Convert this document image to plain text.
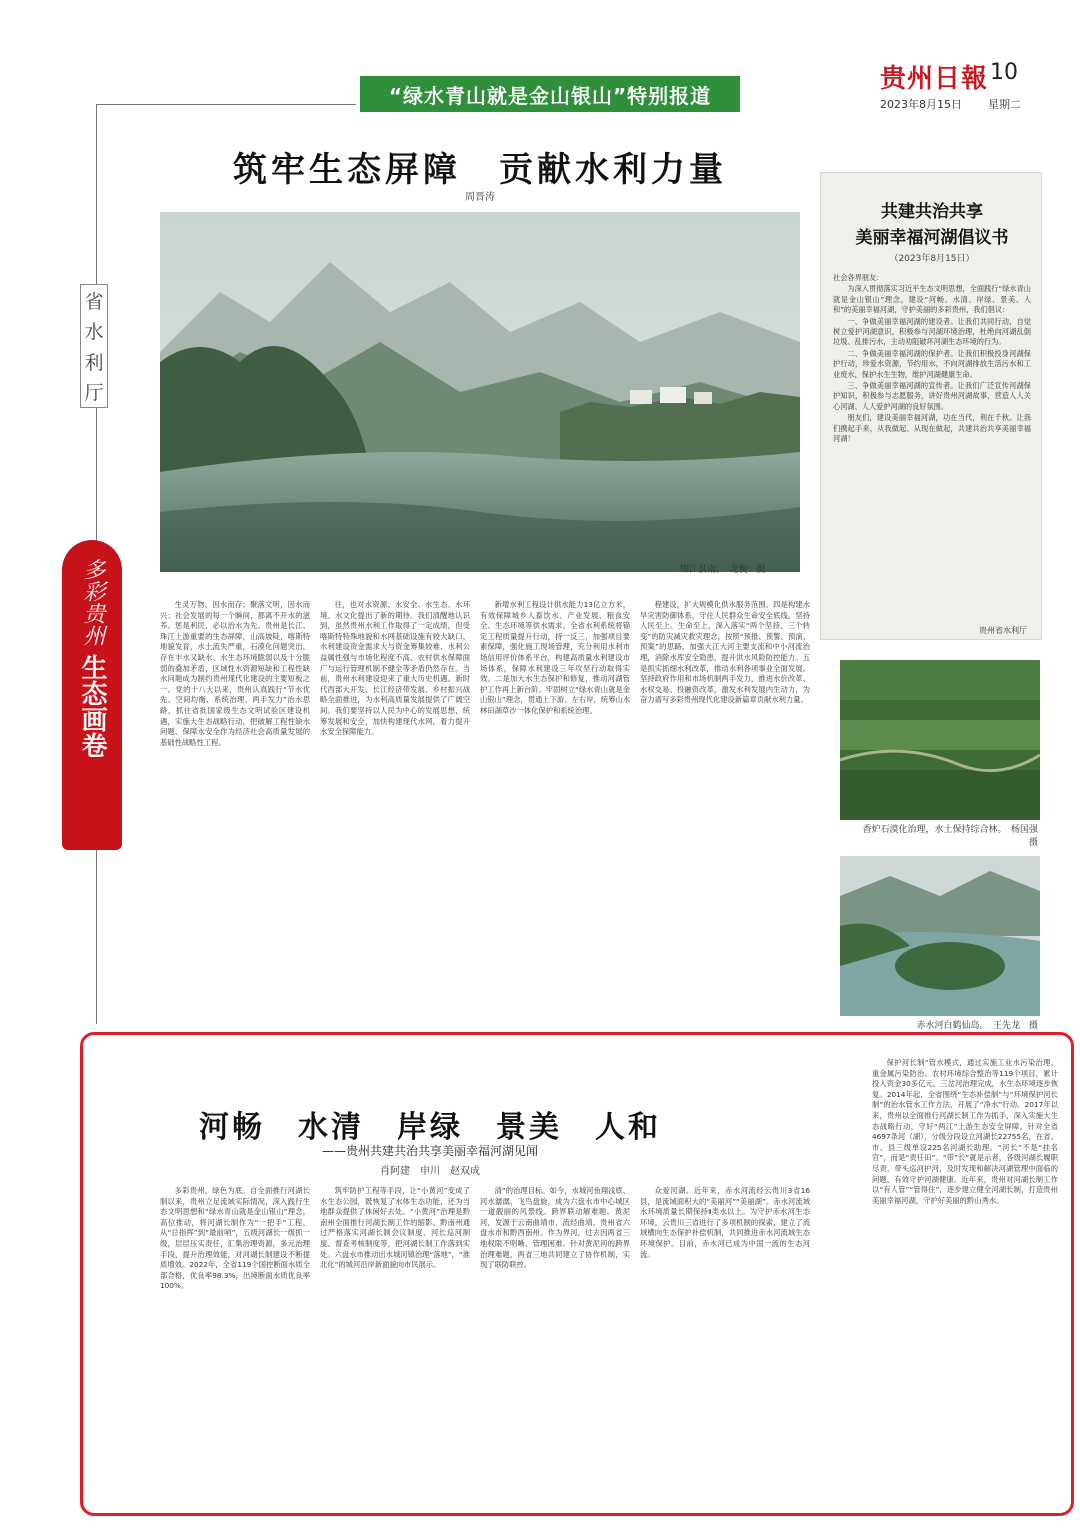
贵州日報 10
2023年8月15日 星期二
“绿水青山就是金山银山”特别报道
省
水
利
厅
多彩贵州
生态画卷
筑牢生态屏障　贡献水利力量
周晋涛
锦江县南。　龙俊　摄
共建共治共享
美丽幸福河湖倡议书
（2023年8月15日）

社会各界朋友：

为深入贯彻落实习近平生态文明思想，全面践行“绿水青山就是金山银山”理念，建设“河畅、水清、岸绿、景美、人和”的美丽幸福河湖，守护美丽的多彩贵州，我们倡议：

一、争做美丽幸福河湖的建设者。让我们共同行动，自觉树立爱护河湖意识，积极参与河湖环境治理，杜绝向河湖乱倒垃圾、乱排污水，主动劝阻破坏河湖生态环境的行为。

二、争做美丽幸福河湖的保护者。让我们积极投身河湖保护行动，珍爱水资源，节约用水，不向河湖排放生活污水和工业废水，保护水生生物，维护河湖健康生命。

三、争做美丽幸福河湖的宣传者。让我们广泛宣传河湖保护知识，积极参与志愿服务，讲好贵州河湖故事，营造人人关心河湖、人人爱护河湖的良好氛围。

朋友们，建设美丽幸福河湖，功在当代，利在千秋。让我们携起手来，从我做起、从现在做起，共建共治共享美丽幸福河湖！

贵州省水利厅
香炉石漠化治理，水土保持综合林。　杨国强　摄
赤水河白鹤仙岛。　王先龙　摄

生灵万物，因水而存；聚落文明，因水而兴；社会发展的每一个瞬间，都离不开水的滋养。惩是利民，必以治水为先。贵州是长江、珠江上游重要的生态屏障，山高坡陡，喀斯特地貌发育，水土流失严重，石漠化问题突出，存在丰水又缺水、水生态环境脆弱以及十分脆弱的叠加矛盾，区域性水资源短缺和工程性缺水问题成为制约贵州现代化建设的主要短板之一。党的十八大以来，贵州认真践行“节水优先、空间均衡、系统治理、两手发力”治水思路，抓住省批国家级生态文明试验区建设机遇，实施大生态战略行动，把破解工程性缺水问题、保障水安全作为经济社会高质量发展的基础性战略性工程。

往，也对水资源、水安全、水生态、水环境、水文化提出了新的期待。我们清醒地认识到，虽然贵州水利工作取得了一定成绩，但受喀斯特特殊地貌和水网基础设施有较大缺口，水利建设资金需求大与资金筹集较难、水利公益属性强与市场化程度不高、农村供水保障面广与运行管理机制不健全等矛盾仍然存在。当前，贵州水利建设迎来了重大历史机遇。新时代西部大开发、长江经济带发展、乡村振兴战略全面推进，为水利高质量发展提供了广阔空间。我们要坚持以人民为中心的发展思想，统筹发展和安全，加快构建现代水网，着力提升水安全保障能力。

新增水利工程设计供水能力13亿立方米，有效保障城乡人畜饮水、产业发展、粮食安全、生态环境等供水需求。全省水利系统将锚定工程质量提升行动，持一反三，加强项目要素保障，强化施工现场管理，充分利用水利市场信用评价体系平台，构建高质量水利建设市场体系，保障水利建设三年攻坚行动取得实效。二是加大水生态保护和修复，推动河湖管护工作再上新台阶。牢固树立“绿水青山就是金山银山”理念，贯通上下游、左右岸，统筹山水林田湖草沙一体化保护和系统治理。

程建设，扩大规模化供水服务范围。四是构建水旱灾害防御体系，守住人民群众生命安全底线。坚持人民至上、生命至上，深入落实“两个坚持、三个转变”的防灾减灾救灾理念，按照“预报、预警、预演、预案”的思路，加强大江大河主要支流和中小河流治理，消除水库安全隐患，提升洪水风险防控能力。五是抓实抓细水利改革，推动水利各项事业全面发展。坚持政府作用和市场机制两手发力，推进水价改革、水权交易、投融资改革，激发水利发展内生动力，为奋力谱写多彩贵州现代化建设新篇章贡献水利力量。

河畅　水清　岸绿　景美　人和
——贵州共建共治共享美丽幸福河湖见闻
肖阿建　申川　赵双成

多彩贵州，绿色为底。自全面推行河湖长制以来，贵州立足流域实际情况，深入践行生态文明思想和“绿水青山就是金山银山”理念，高位推动，将河湖长制作为“一把手”工程，从“总指挥”到“最前哨”，五级河湖长一级抓一级，层层压实责任，汇集治理资源，多元治理手段，提升治理效能，对河湖长制建设不断提质增效。2022年，全省119个国控断面水质全部合格，优良率98.3%，出境断面水质优良率100%。

筑牢防护工程等手段，让“小黄河”变成了水生态公园，既恢复了水体生态功能，还为当地群众提供了休闲好去处。“小黄河”治理是黔南州全面推行河湖长制工作的缩影。黔南州通过严格落实河湖长制会议制度、河长巡河制度、督查考核制度等，把河湖长制工作落到实处。六盘水市推动出水城河镇治理“落地”，“淮北化”的城河沿岸新面貌向市民展示。

清”的治理目标。如今，水城河鱼翔浅底、河水潺潺、飞鸟盘旋，成为六盘水市中心城区一道靓丽的风景线。跨界联动解难题。黄泥河，发源于云南曲靖市，流经曲靖、贵州省六盘水市和黔西南州。作为界河，过去因两省三地权限不明晰、管理困难。针对黄泥河的跨界治理难题，两省三地共同建立了协作机制，实现了联防联控。

众爱河湖。近年来，赤水河流经云贵川3省16县，是流域面积大的“美丽河”“美丽湖”。赤水河流域水环境质量长期保持Ⅱ类水以上。为守护赤水河生态环境，云贵川三省进行了多项机制的探索，建立了流域横向生态保护补偿机制，共同推进赤水河流域生态环境保护。目前，赤水河已成为中国一流的生态河流。

保护河长制“管水模式，通过实施工业水污染治理、重金属污染防治、农村环境综合整治等119个项目，累计投入资金30多亿元，三岔河治理完成，水生态环境逐步恢复。2014年起，全省围绕“生态补偿制”与“环境保护河长制”的治水管水工作方法，开展了“净水”行动。2017年以来，贵州以全面推行河湖长制工作为抓手，深入实施大生态战略行动，守好“两江”上游生态安全屏障。针对全省4697条河（湖），分级分段设立河湖长22755名，在省、市、县三级单设225名河湖长助理。“河长”不是“挂名官”，而是“责任田”。“带”长”就是示者，各级河湖长履职尽责，带头巡河护河，及时发现和解决河湖管理中面临的问题，有效守护河湖健康。近年来，贵州对河湖长制工作以“有人管”“管得住”，逐步建立健全河湖长制，打造贵州美丽幸福河湖，守护好美丽的黔山秀水。
